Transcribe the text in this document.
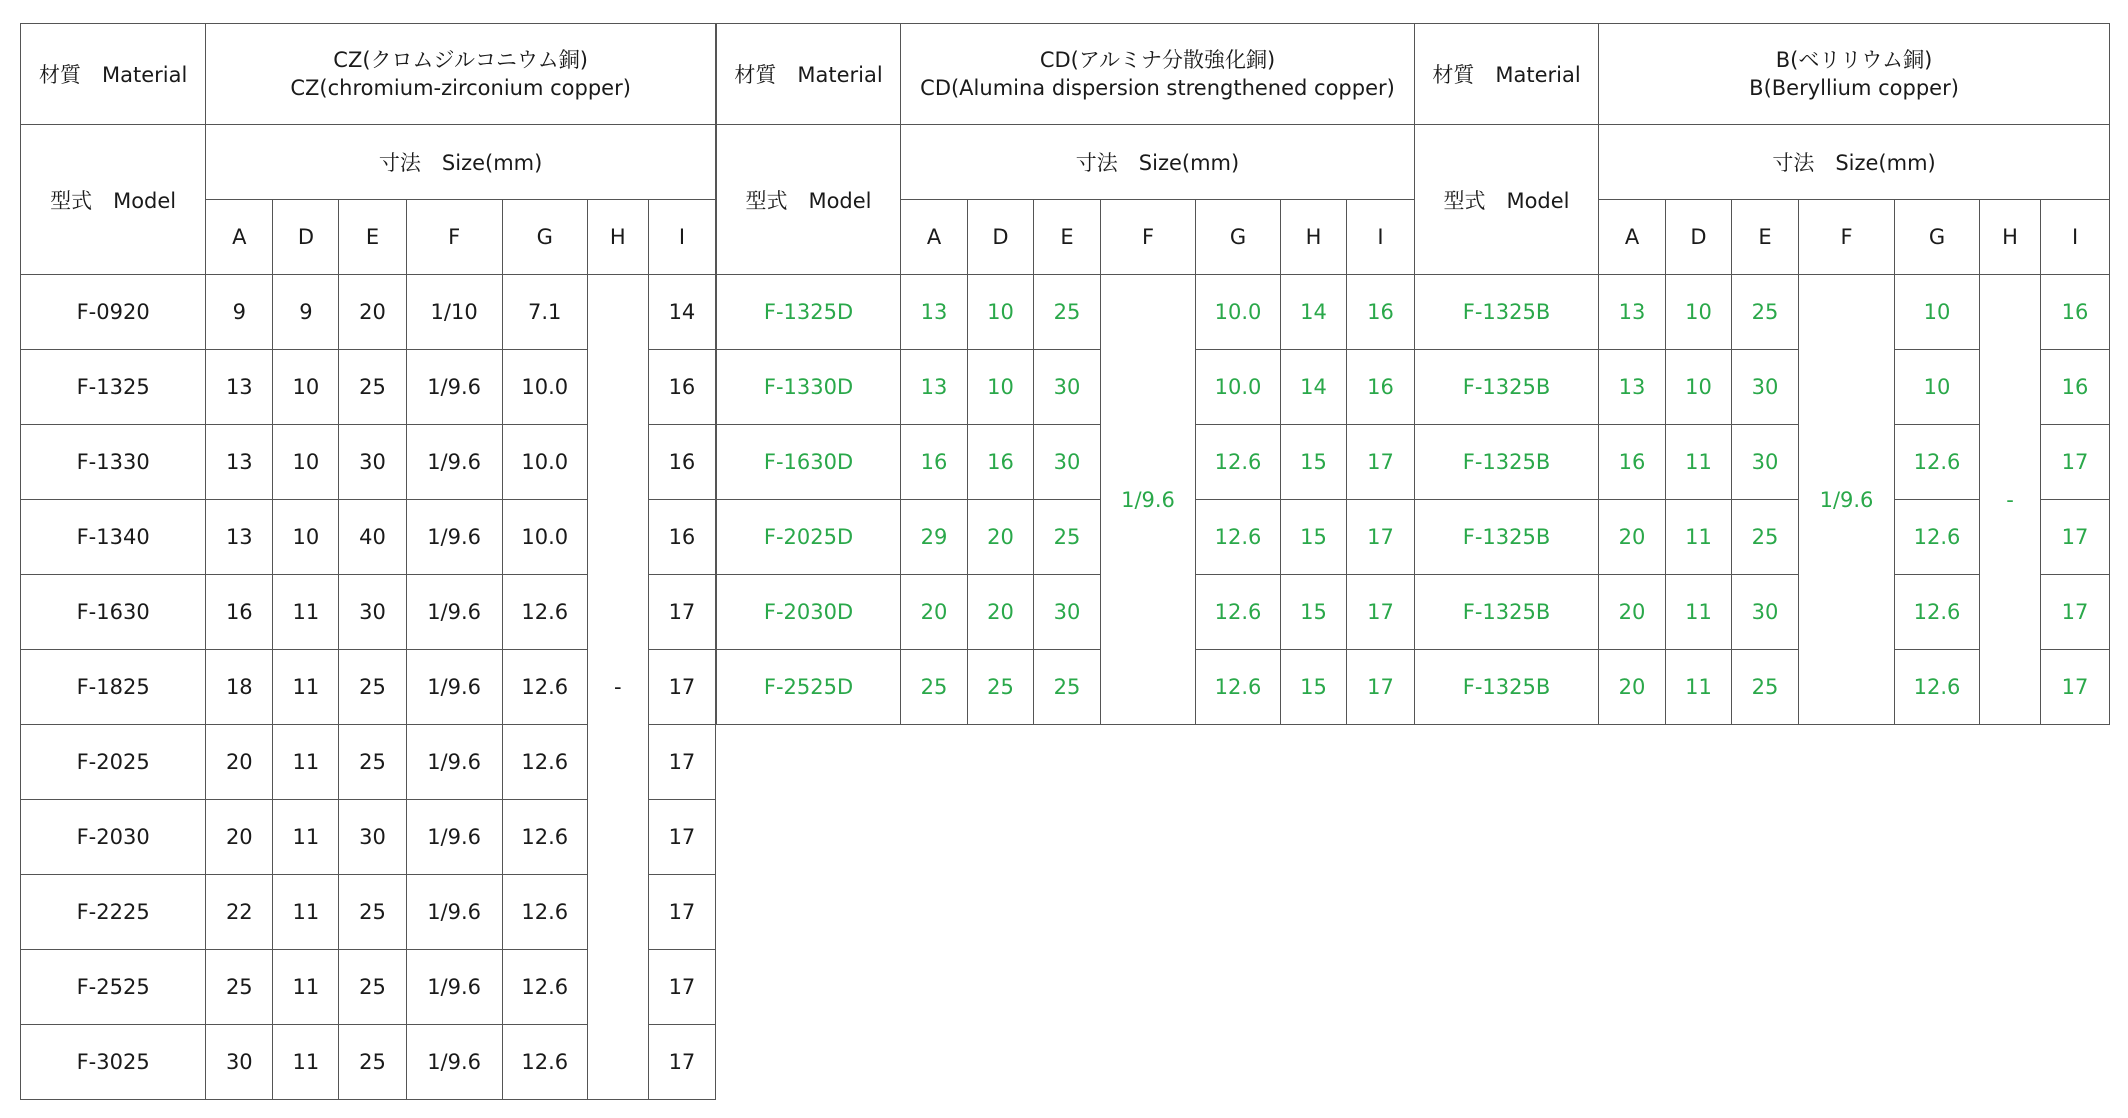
材質　Material	CZ(クロムジルコニウム銅)
CZ(chromium-zirconium copper)						

型式　Model	寸法　Size(mm)						
	A	D	E	F	G	H	I
F-0920	9	9	20	1/10	7.1	-	14
F-1325	13	10	25	1/9.6	10.0		16
F-1330	13	10	30	1/9.6	10.0		16
F-1340	13	10	40	1/9.6	10.0		16
F-1630	16	11	30	1/9.6	12.6		17
F-1825	18	11	25	1/9.6	12.6		17
F-2025	20	11	25	1/9.6	12.6		17
F-2030	20	11	30	1/9.6	12.6		17
F-2225	22	11	25	1/9.6	12.6		17
F-2525	25	11	25	1/9.6	12.6		17
F-3025	30	11	25	1/9.6	12.6		17
材質　Material	CD(アルミナ分散強化銅)
CD(Alumina dispersion strengthened copper)						

型式　Model	寸法　Size(mm)						
	A	D	E	F	G	H	I
F-1325D	13	10	25	1/9.6	10.0	14	16
F-1330D	13	10	30		10.0	14	16
F-1630D	16	16	30		12.6	15	17
F-2025D	29	20	25		12.6	15	17
F-2030D	20	20	30		12.6	15	17
F-2525D	25	25	25		12.6	15	17
材質　Material	B(ベリリウム銅)
B(Beryllium copper)						

型式　Model	寸法　Size(mm)						
	A	D	E	F	G	H	I
F-1325B	13	10	25	1/9.6	10	-	16
F-1325B	13	10	30		10		16
F-1325B	16	11	30		12.6		17
F-1325B	20	11	25		12.6		17
F-1325B	20	11	30		12.6		17
F-1325B	20	11	25		12.6		17
